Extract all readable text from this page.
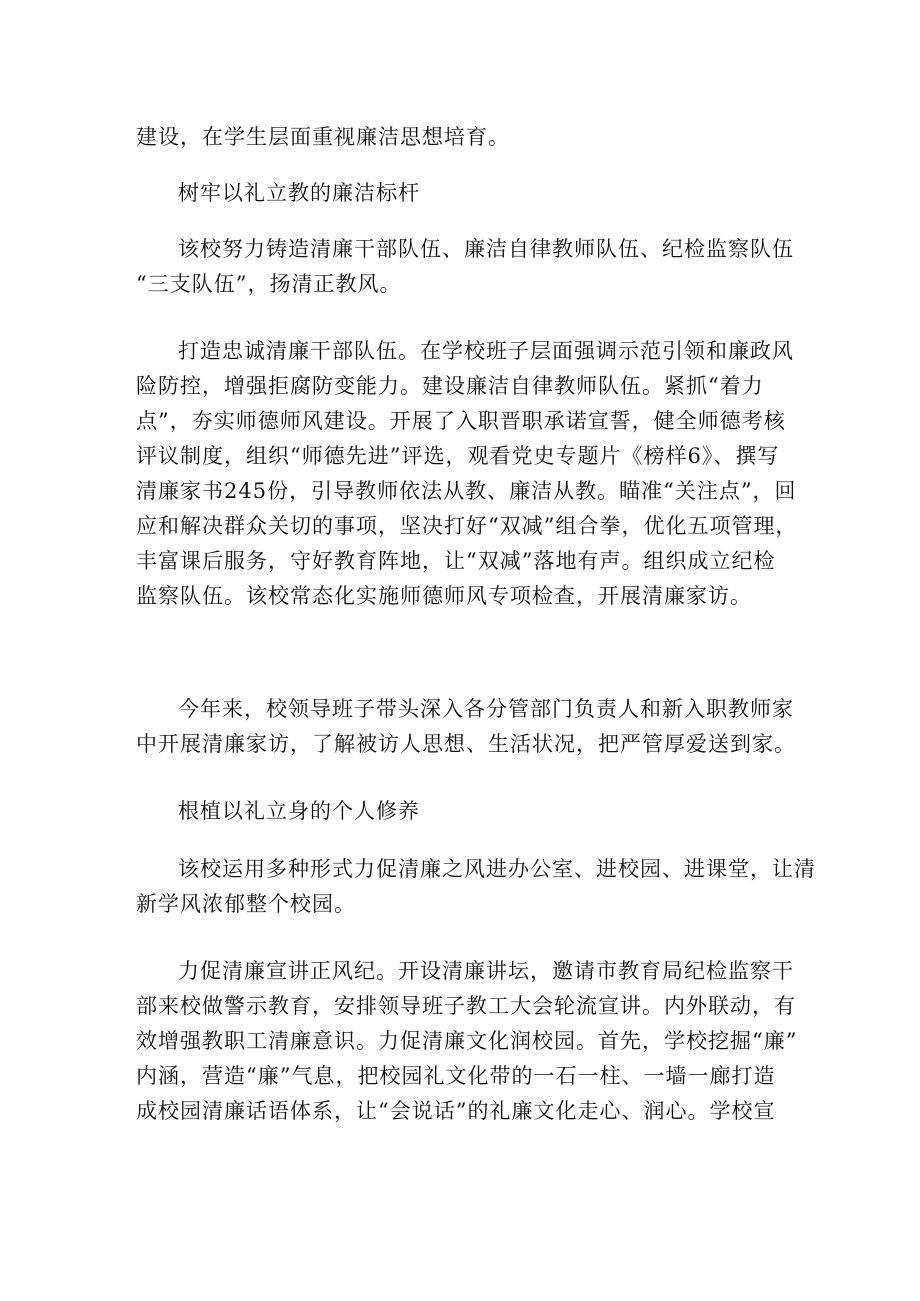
建设，在学生层面重视廉洁思想培育。
树牢以礼立教的廉洁标杆
该校努力铸造清廉干部队伍、廉洁自律教师队伍、纪检监察队伍
“三支队伍”，扬清正教风。
打造忠诚清廉干部队伍。在学校班子层面强调示范引领和廉政风
险防控，增强拒腐防变能力。建设廉洁自律教师队伍。紧抓“着力
点”，夯实师德师风建设。开展了入职晋职承诺宣誓，健全师德考核
评议制度，组织“师德先进”评选，观看党史专题片《榜样6》、撰写
清廉家书245份，引导教师依法从教、廉洁从教。瞄准“关注点”，回
应和解决群众关切的事项，坚决打好“双减”组合拳，优化五项管理，
丰富课后服务，守好教育阵地，让“双减”落地有声。组织成立纪检
监察队伍。该校常态化实施师德师风专项检查，开展清廉家访。
今年来，校领导班子带头深入各分管部门负责人和新入职教师家
中开展清廉家访，了解被访人思想、生活状况，把严管厚爱送到家。
根植以礼立身的个人修养
该校运用多种形式力促清廉之风进办公室、进校园、进课堂，让清
新学风浓郁整个校园。
力促清廉宣讲正风纪。开设清廉讲坛，邀请市教育局纪检监察干
部来校做警示教育，安排领导班子教工大会轮流宣讲。内外联动，有
效增强教职工清廉意识。力促清廉文化润校园。首先，学校挖掘“廉”
内涵，营造“廉”气息，把校园礼文化带的一石一柱、一墙一廊打造
成校园清廉话语体系，让“会说话”的礼廉文化走心、润心。学校宣
